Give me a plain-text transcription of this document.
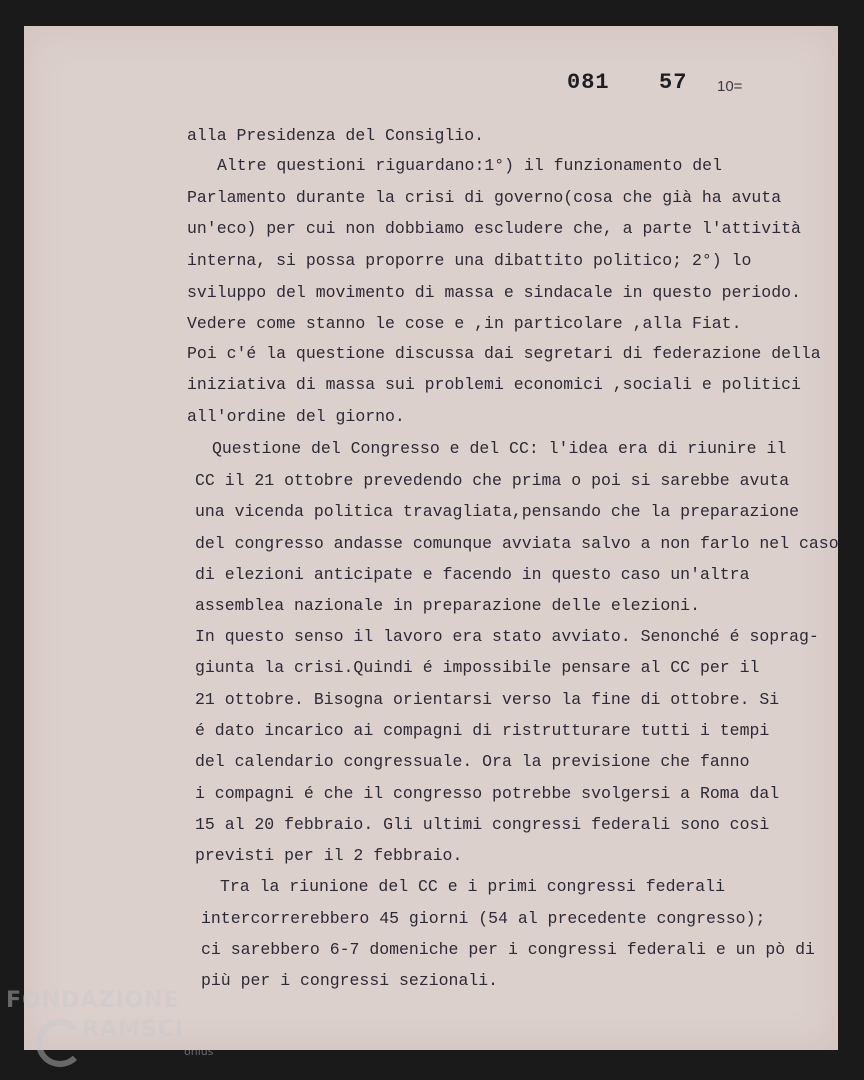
081 57 10=
alla Presidenza del Consiglio.
Altre questioni riguardano:1°) il funzionamento del
Parlamento durante la crisi di governo(cosa che già ha avuta
un'eco) per cui non dobbiamo escludere che, a parte l'attività
interna, si possa proporre una dibattito politico; 2°) lo
sviluppo del movimento di massa e sindacale in questo periodo.
Vedere come stanno le cose e ,in particolare ,alla Fiat.
Poi c'é la questione discussa dai segretari di federazione della
iniziativa di massa sui problemi economici ,sociali e politici
all'ordine del giorno.
Questione del Congresso e del CC: l'idea era di riunire il
CC il 21 ottobre prevedendo che prima o poi si sarebbe avuta
una vicenda politica travagliata,pensando che la preparazione
del congresso andasse comunque avviata salvo a non farlo nel caso
di elezioni anticipate e facendo in questo caso un'altra
assemblea nazionale in preparazione delle elezioni.
In questo senso il lavoro era stato avviato. Senonché é soprag-
giunta la crisi.Quindi é impossibile pensare al CC per il
21 ottobre. Bisogna orientarsi verso la fine di ottobre. Si
é dato incarico ai compagni di ristrutturare tutti i tempi
del calendario congressuale. Ora la previsione che fanno
i compagni é che il congresso potrebbe svolgersi a Roma dal
15 al 20 febbraio. Gli ultimi congressi federali sono così
previsti per il 2 febbraio.
Tra la riunione del CC e i primi congressi federali
intercorrerebbero 45 giorni (54 al precedente congresso);
ci sarebbero 6-7 domeniche per i congressi federali e un pò di
più per i congressi sezionali.
FONDAZIONE
RAMSCI
onlus
